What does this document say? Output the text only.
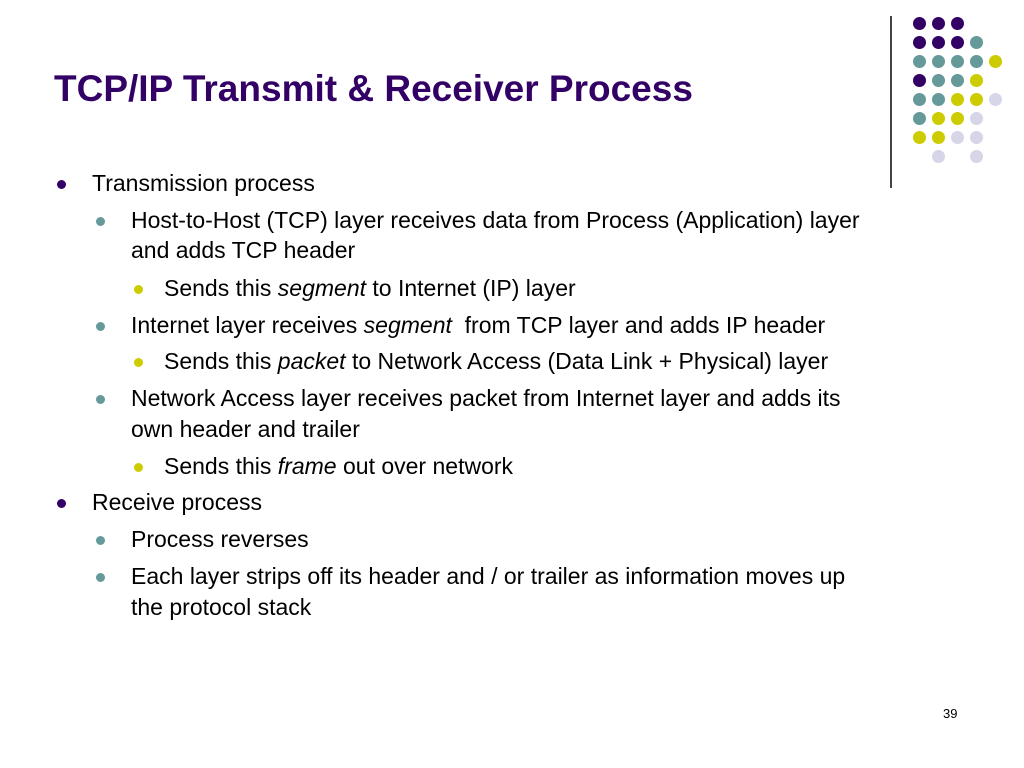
TCP/IP Transmit & Receiver Process
Transmission process
Host-to-Host (TCP) layer receives data from Process (Application) layer
and adds TCP header
Sends this segment to Internet (IP) layer
Internet layer receives segment  from TCP layer and adds IP header
Sends this packet to Network Access (Data Link + Physical) layer
Network Access layer receives packet from Internet layer and adds its
own header and trailer
Sends this frame out over network
Receive process
Process reverses
Each layer strips off its header and / or trailer as information moves up
the protocol stack
39
